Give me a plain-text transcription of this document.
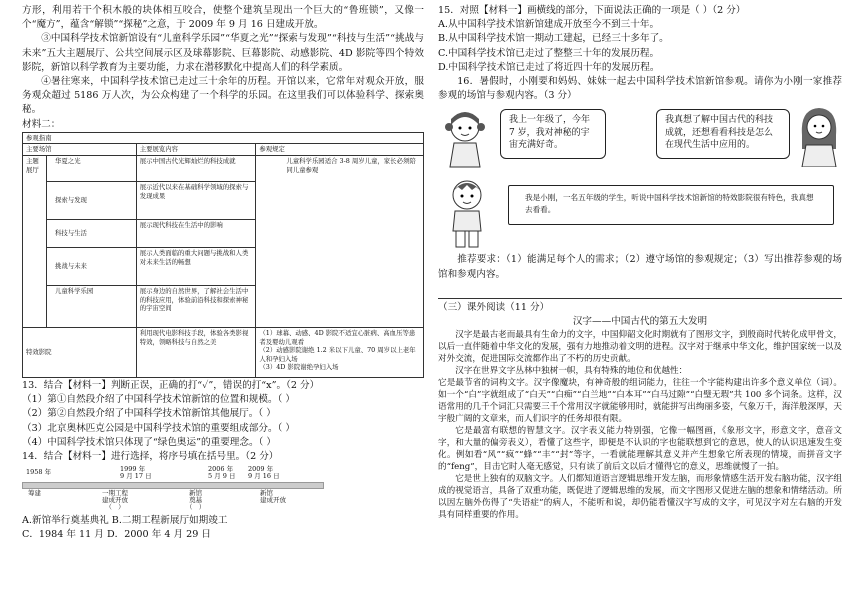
方形，利用若干个积木般的块体相互咬合，使整个建筑呈现出一个巨大的“鲁班锁”，又像一个“魔方”，蕴含“解锁”“探秘”之意，于 2009 年 9 月 16 日建成开放。

③中国科学技术馆新馆设有“儿童科学乐园”“华夏之光”“探索与发现”“科技与生活”“挑战与未来”五大主题展厅、公共空间展示区及球幕影院、巨幕影院、动感影院、4D 影院等四个特效影院，新馆以科学教育为主要功能，力求在潜移默化中提高人们的科学素质。

④暑往寒来，中国科学技术馆已走过三十余年的历程。开馆以来，它常年对观众开放，服务观众超过 5186 万人次，为公众构建了一个科学的乐园。在这里我们可以体验科学、探索奥秘。

材料二：

参观指南			
主要场馆		主要展览内容	参观规定
主题展厅	华夏之光	展示中国古代光辉灿烂的科技成就	儿童科学乐园适合 3-8 周岁儿童，家长必须陪同儿童参观
	探索与发现	展示近代以来在基础科学领域的探索与发现成果	
	科技与生活	展示现代科技在生活中的影响	
	挑战与未来	展示人类面临的重大问题与挑战和人类对未来生活的畅想	
	儿童科学乐园	展示身边的自然世界，了解社会生活中的科技应用，体验前沿科技和探索神秘的宇宙空间	
特效影院		利用现代电影科技手段，体验各类影视特效，领略科技与自然之美	（1）球幕、动感、4D 影院不适宜心脏病、高血压等患者及婴幼儿观看
（2）动感影院谢绝 1.2 米以下儿童、70 周岁以上老年人和孕妇入场
（3）4D 影院谢绝孕妇入场

13．结合【材料一】判断正误，正确的打“✓”，错误的打“x”。（2 分）

（1）第①自然段介绍了中国科学技术馆新馆的位置和规模。（ ）

（2）第②自然段介绍了中国科学技术馆新馆其他展厅。（ ）

（3）北京奥林匹克公园是中国科学技术馆的重要组成部分。（ ）

（4）中国科学技术馆只体现了“绿色奥运”的重要理念。（ ）

14．结合【材料一】进行选择，将序号填在括号里。（2 分）

1958 年	1999 年
9 月 17 日
2006 年
5 月 9 日
2009 年
9 月 16 日
筹建	一期工程
建成开放
（   ）
新馆
奠基
（   ）
新馆
建成开放

A.新馆举行奠基典礼 B.二期工程新展厅如期竣工

C．1984 年 11 月 D．2000 年 4 月 29 日

15．对照【材料一】画横线的部分，下面说法正确的一项是（ ）（2 分）

A.从中国科学技术馆新馆建成开放至今不到三十年。

B.从中国科学技术馆一期动工建起，已经三十多年了。

C.中国科学技术馆已走过了整整三十年的发展历程。

D.中国科学技术馆已走过了将近四十年的发展历程。

16．暑假时，小刚要和妈妈、妹妹一起去中国科学技术馆新馆参观。请你为小刚一家推荐参观的场馆与参观内容。（3 分）

我上一年级了，今年 7 岁，我对神秘的宇宙充满好奇。
我真想了解中国古代的科技成就，还想看看科技是怎么在现代生活中应用的。
我是小刚，一名五年级的学生，听说中国科学技术馆新馆的特效影院很有特色，我真想去看看。

推荐要求：（1）能满足每个人的需求；（2）遵守场馆的参观规定；（3）写出推荐参观的场馆和参观内容。

（三）课外阅读（11 分）

汉字——中国古代的第五大发明

汉字是最古老而最具有生命力的文字，中国仰韶文化时期就有了图形文字，到殷商时代转化成甲骨文，以后一直伴随着中华文化的发展，强有力地推动着文明的进程。汉字对于继承中华文化，维护国家统一以及对外交流，促进国际交流都作出了不朽的历史贡献。

汉字在世界文字丛林中独树一帜，具有特殊的地位和优越性：

它是最节省的词构文字。汉字像魔块，有神奇般的组词能力，往往一个字能构建出许多个意义单位（词）。如一个“白”字就组成了“白天”“白痴”“白兰地”“白本耳”“白马过隙”“白璧无瑕”共 100 多个词条。这样，汉语常用的几千个词汇只需要三千个常用汉字就能够用时，就能拼写出绚丽多姿，气象万千，海洋般深厚，天宇般广阔的文章来，而人们识字的任务却很有限。

它是最富有联想的智慧文字。汉字表义能力特别强，它像一幅图画，《象形文字，形意文字，意音文字，和大量的偏旁表义），看懂了这些字，即便是不认识的字也能联想到它的意思，使人的认识迅速发生变化。例如看“风”“疯”“蜂”“丰”“封”等字，一看就能理解其意义并产生想象它所表现的情境，而拼音文字的“feng”，目击它时人毫无感觉，只有读了前后文以后才懂得它的意义，思维就慢了一拍。

它是世上独有的双脑文字。人们都知道语言逻辑思维开发左脑，而形象情感生活开发右脑功能，汉字组成的视觉语言，具备了双重功能，既促进了逻辑思维的发展，而文字图形又促进左脑的想象和情绪活动。所以因左脑外伤得了“失语症”的病人，不能听和说，却仍能看懂汉字写成的文字，可见汉字对左右脑的开发具有同样重要的作用。
